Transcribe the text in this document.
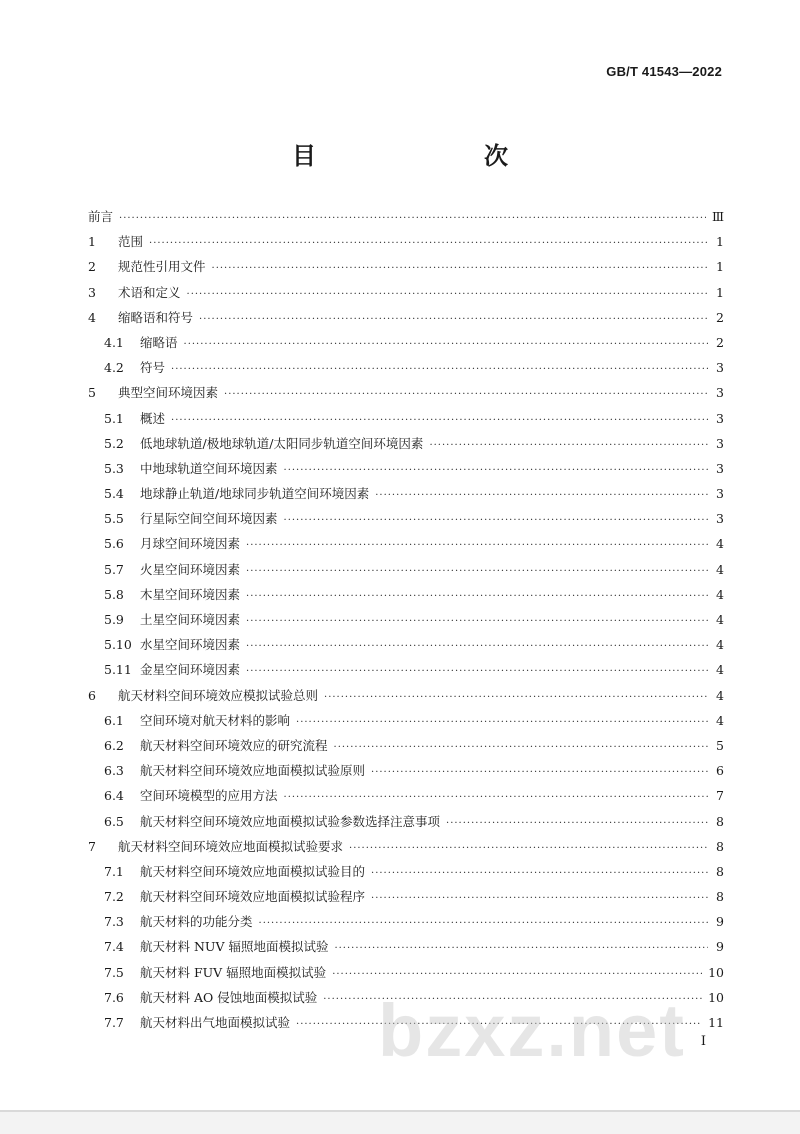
GB/T 41543—2022
目　　次
前言 ·····	Ⅲ
1	范围 ·····	1
2	规范性引用文件 ·····	1
3	术语和定义 ·····	1
4	缩略语和符号 ·····	2
4.1	缩略语 ·····	2
4.2	符号 ·····	3
5	典型空间环境因素 ·····	3
5.1	概述 ·····	3
5.2	低地球轨道/极地球轨道/太阳同步轨道空间环境因素 ·····	3
5.3	中地球轨道空间环境因素 ·····	3
5.4	地球静止轨道/地球同步轨道空间环境因素 ·····	3
5.5	行星际空间空间环境因素 ·····	3
5.6	月球空间环境因素 ·····	4
5.7	火星空间环境因素 ·····	4
5.8	木星空间环境因素 ·····	4
5.9	土星空间环境因素 ·····	4
5.10 水星空间环境因素 ·····	4
5.11 金星空间环境因素 ·····	4
6	航天材料空间环境效应模拟试验总则 ·····	4
6.1	空间环境对航天材料的影响 ·····	4
6.2	航天材料空间环境效应的研究流程 ·····	5
6.3	航天材料空间环境效应地面模拟试验原则 ·····	6
6.4	空间环境模型的应用方法 ·····	7
6.5	航天材料空间环境效应地面模拟试验参数选择注意事项 ·····	8
7	航天材料空间环境效应地面模拟试验要求 ·····	8
7.1	航天材料空间环境效应地面模拟试验目的 ·····	8
7.2	航天材料空间环境效应地面模拟试验程序 ·····	8
7.3	航天材料的功能分类 ·····	9
7.4	航天材料 NUV 辐照地面模拟试验 ·····	9
7.5	航天材料 FUV 辐照地面模拟试验 ·····	10
7.6	航天材料 AO 侵蚀地面模拟试验 ·····	10
7.7	航天材料出气地面模拟试验 ·····	11
I
bzxz.net
